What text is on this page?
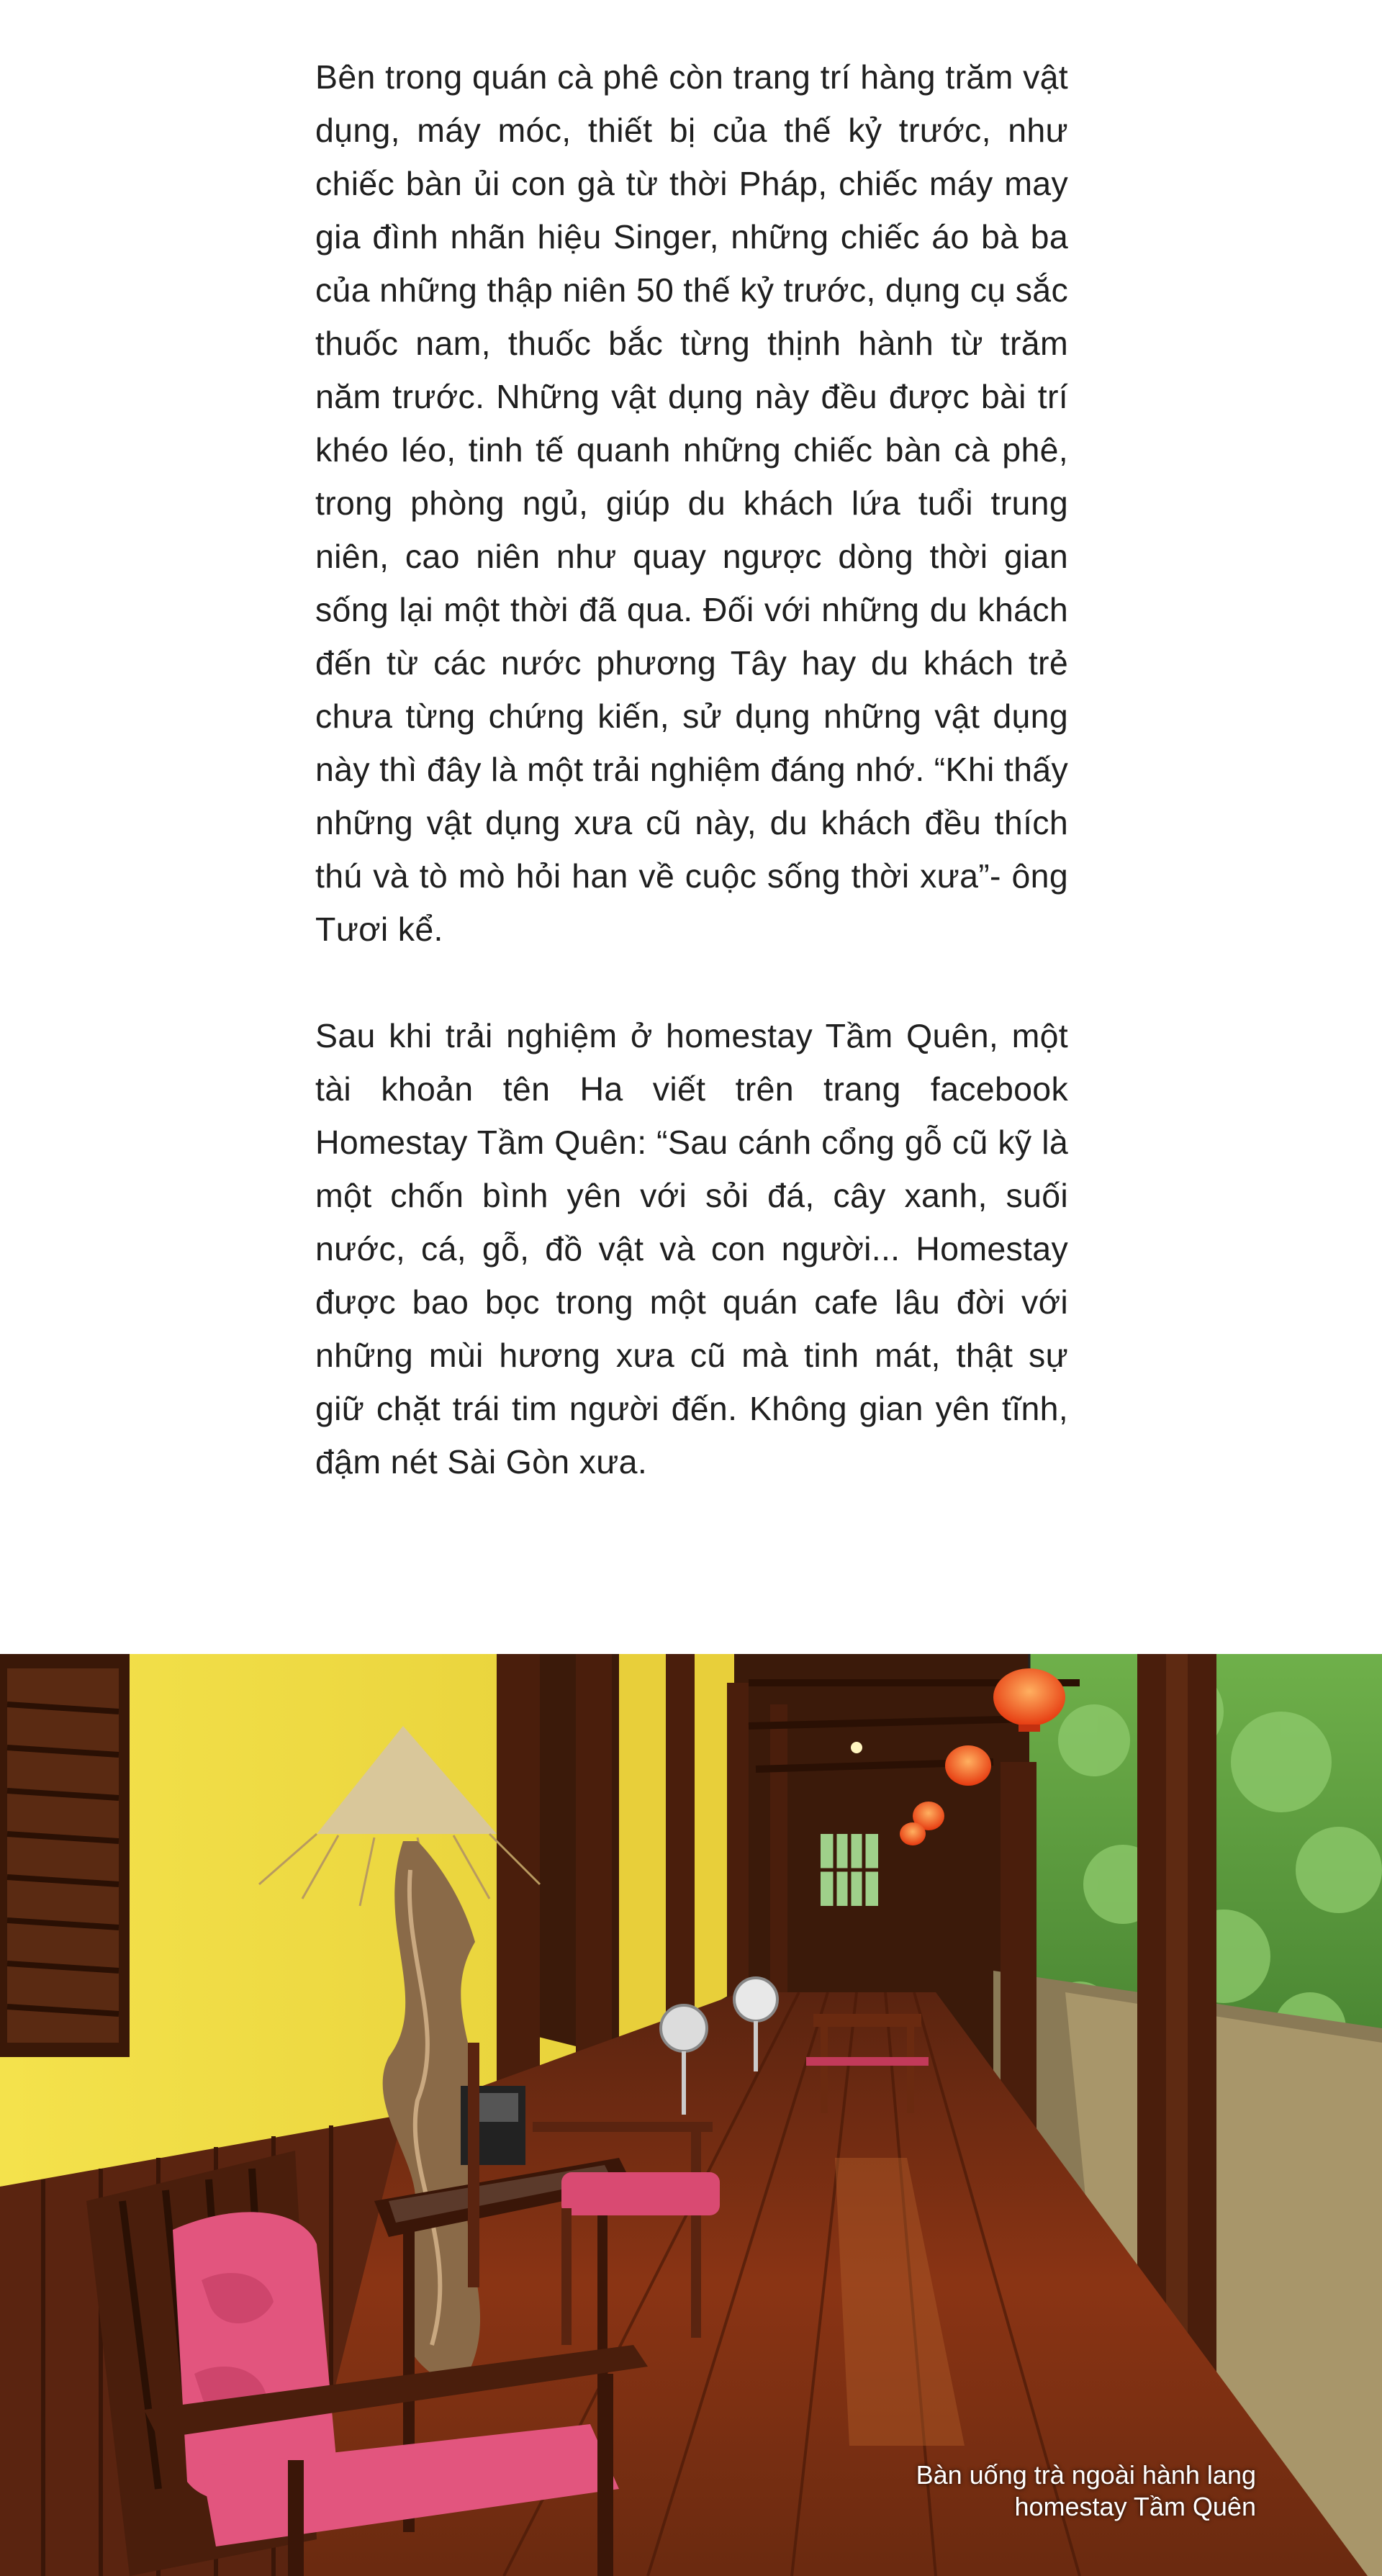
Bên trong quán cà phê còn trang trí hàng trăm vật dụng, máy móc, thiết bị của thế kỷ trước, như chiếc bàn ủi con gà từ thời Pháp, chiếc máy may gia đình nhãn hiệu Singer, những chiếc áo bà ba của những thập niên 50 thế kỷ trước, dụng cụ sắc thuốc nam, thuốc bắc từng thịnh hành từ trăm năm trước. Những vật dụng này đều được bài trí khéo léo, tinh tế quanh những chiếc bàn cà phê, trong phòng ngủ, giúp du khách lứa tuổi trung niên, cao niên như quay ngược dòng thời gian sống lại một thời đã qua. Đối với những du khách đến từ các nước phương Tây hay du khách trẻ chưa từng chứng kiến, sử dụng những vật dụng này thì đây là một trải nghiệm đáng nhớ. “Khi thấy những vật dụng xưa cũ này, du khách đều thích thú và tò mò hỏi han về cuộc sống thời xưa”- ông Tươi kể.

Sau khi trải nghiệm ở homestay Tầm Quên, một tài khoản tên Ha viết trên trang facebook Homestay Tầm Quên: “Sau cánh cổng gỗ cũ kỹ là một chốn bình yên với sỏi đá, cây xanh, suối nước, cá, gỗ, đồ vật và con người... Homestay được bao bọc trong một quán cafe lâu đời với những mùi hương xưa cũ mà tinh mát, thật sự giữ chặt trái tim người đến. Không gian yên tĩnh, đậm nét Sài Gòn xưa.

Bàn uống trà ngoài hành lang
homestay Tầm Quên
